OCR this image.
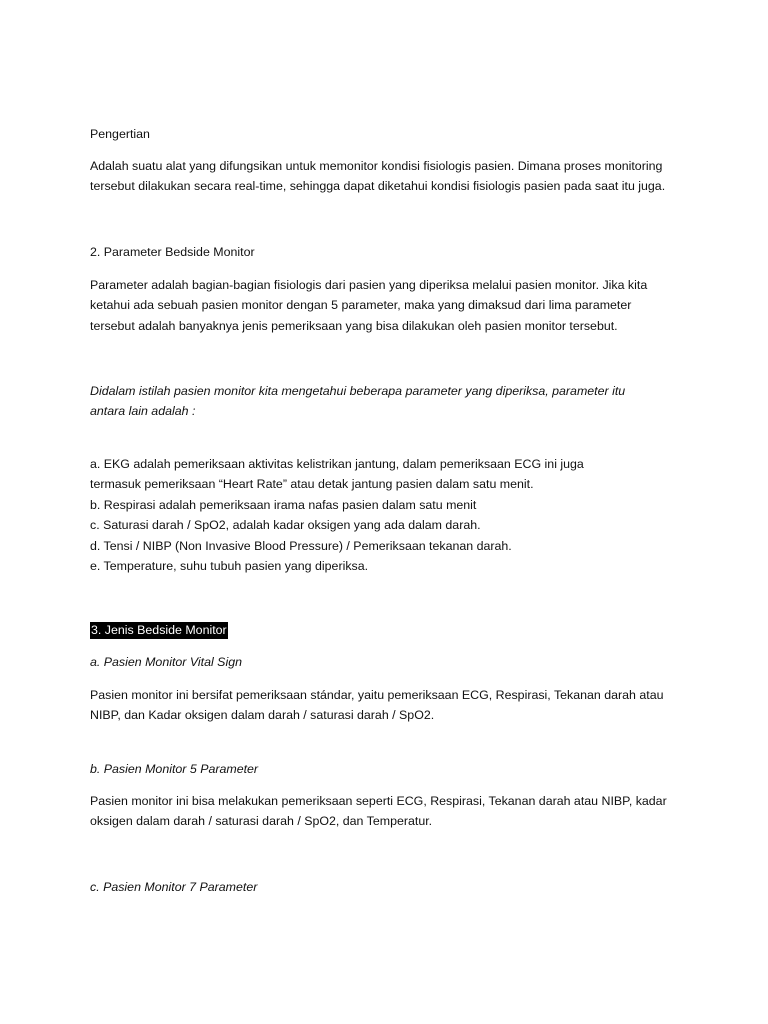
Pengertian

Adalah suatu alat yang difungsikan untuk memonitor kondisi fisiologis pasien. Dimana proses monitoring
tersebut dilakukan secara real-time, sehingga dapat diketahui kondisi fisiologis pasien pada saat itu juga.

2. Parameter Bedside Monitor

Parameter adalah bagian-bagian fisiologis dari pasien yang diperiksa melalui pasien monitor. Jika kita
ketahui ada sebuah pasien monitor dengan 5 parameter, maka yang dimaksud dari lima parameter
tersebut adalah banyaknya jenis pemeriksaan yang bisa dilakukan oleh pasien monitor tersebut.

Didalam istilah pasien monitor kita mengetahui beberapa parameter yang diperiksa, parameter itu
antara lain adalah :

a. EKG adalah pemeriksaan aktivitas kelistrikan jantung, dalam pemeriksaan ECG ini juga
termasuk pemeriksaan “Heart Rate” atau detak jantung pasien dalam satu menit.
b. Respirasi adalah pemeriksaan irama nafas pasien dalam satu menit
c. Saturasi darah / SpO2, adalah kadar oksigen yang ada dalam darah.
d. Tensi / NIBP (Non Invasive Blood Pressure) / Pemeriksaan tekanan darah.
e. Temperature, suhu tubuh pasien yang diperiksa.

3. Jenis Bedside Monitor

a. Pasien Monitor Vital Sign

Pasien monitor ini bersifat pemeriksaan stándar, yaitu pemeriksaan ECG, Respirasi, Tekanan darah atau
NIBP, dan Kadar oksigen dalam darah / saturasi darah / SpO2.

b. Pasien Monitor 5 Parameter

Pasien monitor ini bisa melakukan pemeriksaan seperti ECG, Respirasi, Tekanan darah atau NIBP, kadar
oksigen dalam darah / saturasi darah / SpO2, dan Temperatur.

c. Pasien Monitor 7 Parameter
